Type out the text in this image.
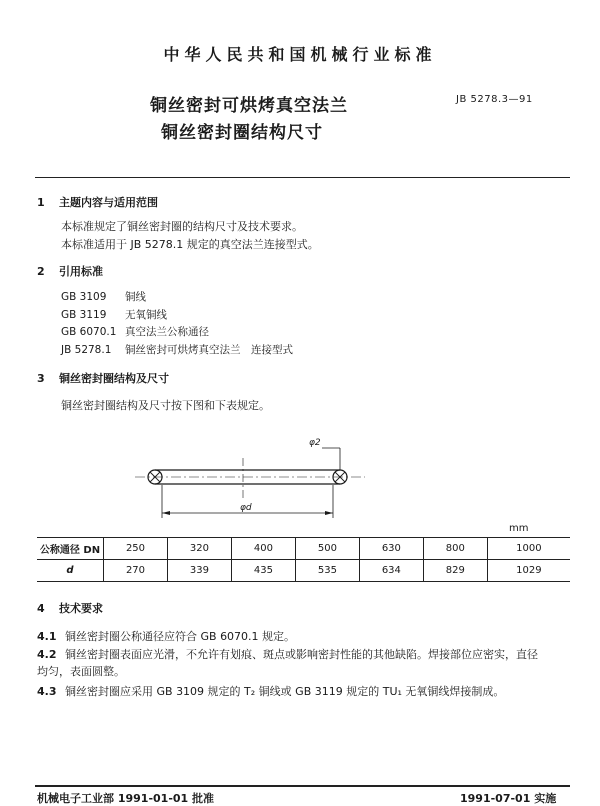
中华人民共和国机械行业标准
铜丝密封可烘烤真空法兰
铜丝密封圈结构尺寸
JB 5278.3—91
1 主题内容与适用范围
本标准规定了铜丝密封圈的结构尺寸及技术要求。
本标准适用于 JB 5278.1 规定的真空法兰连接型式。
2 引用标准
GB 3109 铜线
GB 3119 无氧铜线
GB 6070.1 真空法兰公称通径
JB 5278.1 铜丝密封可烘烤真空法兰　连接型式
3 铜丝密封圈结构及尺寸
铜丝密封圈结构及尺寸按下图和下表规定。
φ2
φd
mm
公称通径 DN	250	320	400	500	630	800	1000
d	270	339	435	535	634	829	1029
4 技术要求
4.1 铜丝密封圈公称通径应符合 GB 6070.1 规定。
4.2 铜丝密封圈表面应光滑，不允许有划痕、斑点或影响密封性能的其他缺陷。焊接部位应密实，直径
均匀，表面圆整。
4.3 铜丝密封圈应采用 GB 3109 规定的 T₂ 铜线或 GB 3119 规定的 TU₁ 无氧铜线焊接制成。
机械电子工业部 1991-01-01 批准	1991-07-01 实施
